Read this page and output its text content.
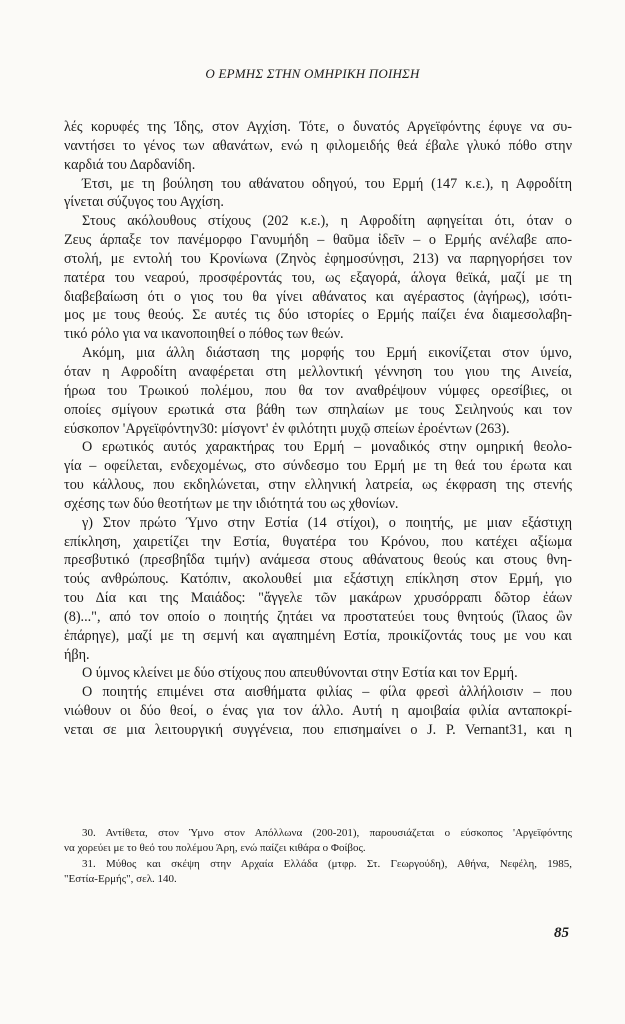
Ο ΕΡΜΗΣ ΣΤΗΝ ΟΜΗΡΙΚΗ ΠΟΙΗΣΗ
λές κορυφές της Ίδης, στον Αγχίση. Τότε, ο δυνατός Αργεϊφόντης έφυγε να συ-
ναντήσει το γένος των αθανάτων, ενώ η φιλομειδής θεά έβαλε γλυκό πόθο στην
καρδιά του Δαρδανίδη.
Έτσι, με τη βούληση του αθάνατου οδηγού, του Ερμή (147 κ.ε.), η Αφροδίτη
γίνεται σύζυγος του Αγχίση.
Στους ακόλουθους στίχους (202 κ.ε.), η Αφροδίτη αφηγείται ότι, όταν ο
Ζευς άρπαξε τον πανέμορφο Γανυμήδη – θαῦμα ἰδεῖν – ο Ερμής ανέλαβε απο-
στολή, με εντολή του Κρονίωνα (Ζηνὸς ἐφημοσύνῃσι, 213) να παρηγορήσει τον
πατέρα του νεαρού, προσφέροντάς του, ως εξαγορά, άλογα θεϊκά, μαζί με τη
διαβεβαίωση ότι ο γιος του θα γίνει αθάνατος και αγέραστος (ἀγήρως), ισότι-
μος με τους θεούς. Σε αυτές τις δύο ιστορίες ο Ερμής παίζει ένα διαμεσολαβη-
τικό ρόλο για να ικανοποιηθεί ο πόθος των θεών.
Ακόμη, μια άλλη διάσταση της μορφής του Ερμή εικονίζεται στον ύμνο,
όταν η Αφροδίτη αναφέρεται στη μελλοντική γέννηση του γιου της Αινεία,
ήρωα του Τρωικού πολέμου, που θα τον αναθρέψουν νύμφες ορεσίβιες, οι
οποίες σμίγουν ερωτικά στα βάθη των σπηλαίων με τους Σειληνούς και τον
εύσκοπον 'Αργεϊφόντην30: μίσγοντ' ἐν φιλότητι μυχῷ σπείων ἐροέντων (263).
Ο ερωτικός αυτός χαρακτήρας του Ερμή – μοναδικός στην ομηρική θεολο-
γία – οφείλεται, ενδεχομένως, στο σύνδεσμο του Ερμή με τη θεά του έρωτα και
του κάλλους, που εκδηλώνεται, στην ελληνική λατρεία, ως έκφραση της στενής
σχέσης των δύο θεοτήτων με την ιδιότητά του ως χθονίων.
γ) Στον πρώτο Ύμνο στην Εστία (14 στίχοι), ο ποιητής, με μιαν εξάστιχη
επίκληση, χαιρετίζει την Εστία, θυγατέρα του Κρόνου, που κατέχει αξίωμα
πρεσβυτικό (πρεσβηΐδα τιμήν) ανάμεσα στους αθάνατους θεούς και στους θνη-
τούς ανθρώπους. Κατόπιν, ακολουθεί μια εξάστιχη επίκληση στον Ερμή, γιο
του Δία και της Μαιάδος: "ἄγγελε τῶν μακάρων χρυσόρραπι δῶτορ ἐάων
(8)...", από τον οποίο ο ποιητής ζητάει να προστατεύει τους θνητούς (ἵλαος ὢν
ἐπάρηγε), μαζί με τη σεμνή και αγαπημένη Εστία, προικίζοντάς τους με νου και
ήβη.
Ο ύμνος κλείνει με δύο στίχους που απευθύνονται στην Εστία και τον Ερμή.
Ο ποιητής επιμένει στα αισθήματα φιλίας – φίλα φρεσὶ ἀλλήλοισιν – που
νιώθουν οι δύο θεοί, ο ένας για τον άλλο. Αυτή η αμοιβαία φιλία ανταποκρί-
νεται σε μια λειτουργική συγγένεια, που επισημαίνει ο J. P. Vernant31, και η
30. Αντίθετα, στον Ύμνο στον Απόλλωνα (200-201), παρουσιάζεται ο εύσκοπος 'Αργεϊφόντης
να χορεύει με το θεό του πολέμου Άρη, ενώ παίζει κιθάρα ο Φοίβος.
31. Μύθος και σκέψη στην Αρχαία Ελλάδα (μτφρ. Στ. Γεωργούδη), Αθήνα, Νεφέλη, 1985,
"Εστία-Ερμής", σελ. 140.
85
